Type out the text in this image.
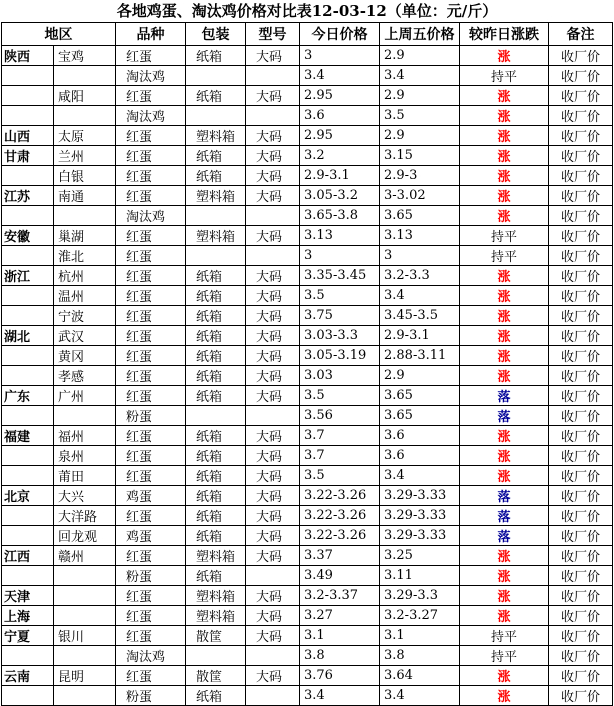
各地鸡蛋、淘汰鸡价格对比表12-03-12（单位：元/斤）
地区		品种	包装	型号	今日价格	上周五价格	较昨日涨跌	备注
陕西	宝鸡	红蛋	纸箱	大码	3	2.9	涨	收厂价
		淘汰鸡			3.4	3.4	持平	收厂价
	咸阳	红蛋	纸箱	大码	2.95	2.9	涨	收厂价
		淘汰鸡			3.6	3.5	涨	收厂价
山西	太原	红蛋	塑料箱	大码	2.95	2.9	涨	收厂价
甘肃	兰州	红蛋	纸箱	大码	3.2	3.15	涨	收厂价
	白银	红蛋	纸箱	大码	2.9-3.1	2.9-3	涨	收厂价
江苏	南通	红蛋	塑料箱	大码	3.05-3.2	3-3.02	涨	收厂价
		淘汰鸡			3.65-3.8	3.65	涨	收厂价
安徽	巢湖	红蛋	塑料箱	大码	3.13	3.13	持平	收厂价
	淮北	红蛋			3	3	持平	收厂价
浙江	杭州	红蛋	纸箱	大码	3.35-3.45	3.2-3.3	涨	收厂价
	温州	红蛋	纸箱	大码	3.5	3.4	涨	收厂价
	宁波	红蛋	纸箱	大码	3.75	3.45-3.5	涨	收厂价
湖北	武汉	红蛋	纸箱	大码	3.03-3.3	2.9-3.1	涨	收厂价
	黄冈	红蛋	纸箱	大码	3.05-3.19	2.88-3.11	涨	收厂价
	孝感	红蛋	纸箱	大码	3.03	2.9	涨	收厂价
广东	广州	红蛋	纸箱	大码	3.5	3.65	落	收厂价
		粉蛋			3.56	3.65	落	收厂价
福建	福州	红蛋	纸箱	大码	3.7	3.6	涨	收厂价
	泉州	红蛋	纸箱	大码	3.7	3.6	涨	收厂价
	莆田	红蛋	纸箱	大码	3.5	3.4	涨	收厂价
北京	大兴	鸡蛋	纸箱	大码	3.22-3.26	3.29-3.33	落	收厂价
	大洋路	红蛋	纸箱	大码	3.22-3.26	3.29-3.33	落	收厂价
	回龙观	鸡蛋	纸箱	大码	3.22-3.26	3.29-3.33	落	收厂价
江西	赣州	红蛋	塑料箱	大码	3.37	3.25	涨	收厂价
		粉蛋	纸箱		3.49	3.11	涨	收厂价
天津		红蛋	塑料箱	大码	3.2-3.37	3.29-3.3	涨	收厂价
上海		红蛋	塑料箱	大码	3.27	3.2-3.27	涨	收厂价
宁夏	银川	红蛋	散筐	大码	3.1	3.1	持平	收厂价
		淘汰鸡			3.8	3.8	持平	收厂价
云南	昆明	红蛋	散筐	大码	3.76	3.64	涨	收厂价
		粉蛋	纸箱		3.4	3.4	涨	收厂价
